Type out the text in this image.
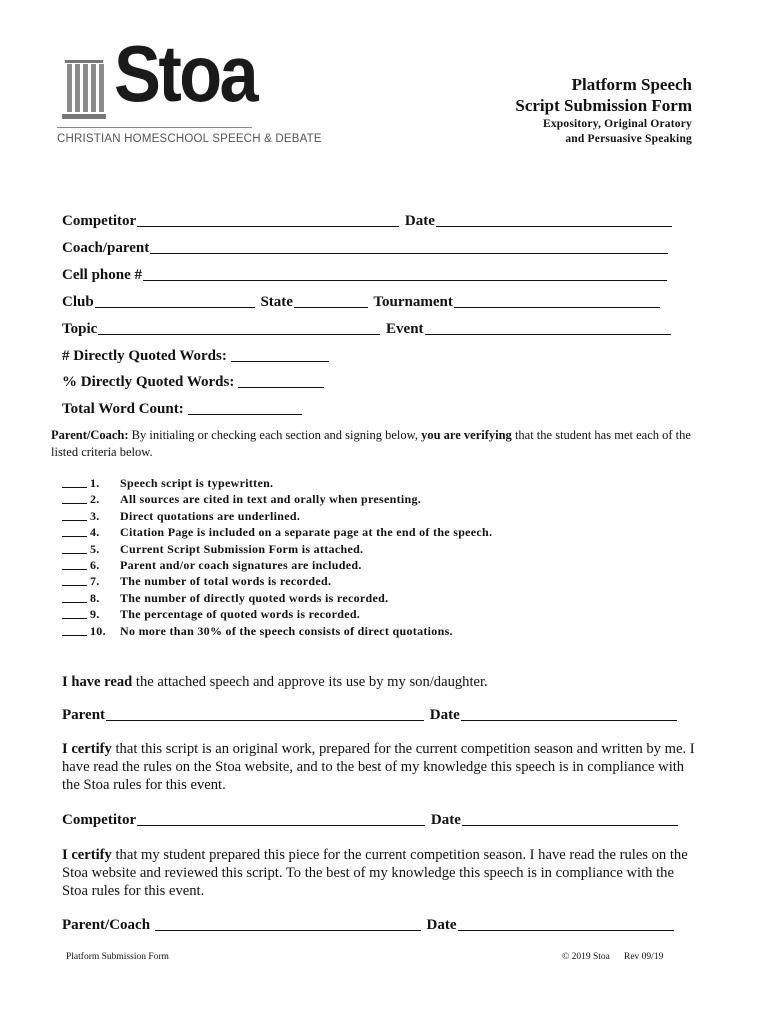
Stoa
CHRISTIAN HOMESCHOOL SPEECH & DEBATE
Platform Speech
Script Submission Form
Expository, Original Oratory
and Persuasive Speaking
Competitor	Date
Coach/parent
Cell phone #
Club	State	Tournament
Topic	Event
# Directly Quoted Words:
% Directly Quoted Words:
Total Word Count:
Parent/Coach: By initialing or checking each section and signing below, you are verifying that the student has met each of the listed criteria below.
1. Speech script is typewritten.
2. All sources are cited in text and orally when presenting.
3. Direct quotations are underlined.
4. Citation Page is included on a separate page at the end of the speech.
5. Current Script Submission Form is attached.
6. Parent and/or coach signatures are included.
7. The number of total words is recorded.
8. The number of directly quoted words is recorded.
9. The percentage of quoted words is recorded.
10. No more than 30% of the speech consists of direct quotations.
I have read the attached speech and approve its use by my son/daughter.
Parent	Date
I certify that this script is an original work, prepared for the current competition season and written by me. I have read the rules on the Stoa website, and to the best of my knowledge this speech is in compliance with the Stoa rules for this event.
Competitor	Date
I certify that my student prepared this piece for the current competition season. I have read the rules on the Stoa website and reviewed this script. To the best of my knowledge this speech is in compliance with the Stoa rules for this event.
Parent/Coach	Date
Platform Submission Form	© 2019 Stoa Rev 09/19
